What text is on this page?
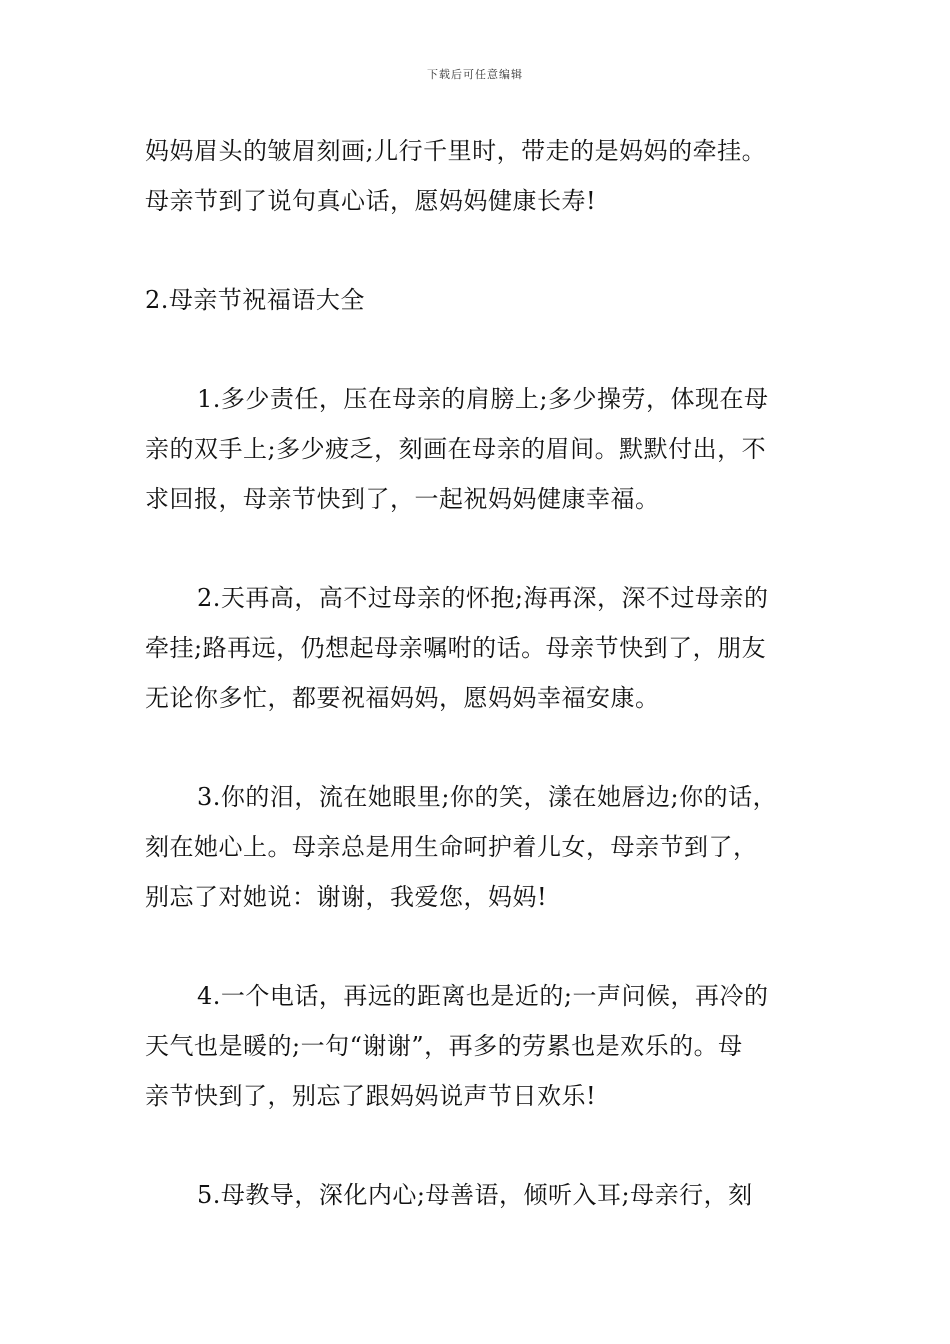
下载后可任意编辑
妈妈眉头的皱眉刻画;儿行千里时，带走的是妈妈的牵挂。
母亲节到了说句真心话，愿妈妈健康长寿!
2.母亲节祝福语大全
1.多少责任，压在母亲的肩膀上;多少操劳，体现在母
亲的双手上;多少疲乏，刻画在母亲的眉间。默默付出，不
求回报，母亲节快到了，一起祝妈妈健康幸福。
2.天再高，高不过母亲的怀抱;海再深，深不过母亲的
牵挂;路再远，仍想起母亲嘱咐的话。母亲节快到了，朋友
无论你多忙，都要祝福妈妈，愿妈妈幸福安康。
3.你的泪，流在她眼里;你的笑，漾在她唇边;你的话，
刻在她心上。母亲总是用生命呵护着儿女，母亲节到了，
别忘了对她说：谢谢，我爱您，妈妈!
4.一个电话，再远的距离也是近的;一声问候，再冷的
天气也是暖的;一句“谢谢”，再多的劳累也是欢乐的。母
亲节快到了，别忘了跟妈妈说声节日欢乐!
5.母教导，深化内心;母善语，倾听入耳;母亲行，刻
